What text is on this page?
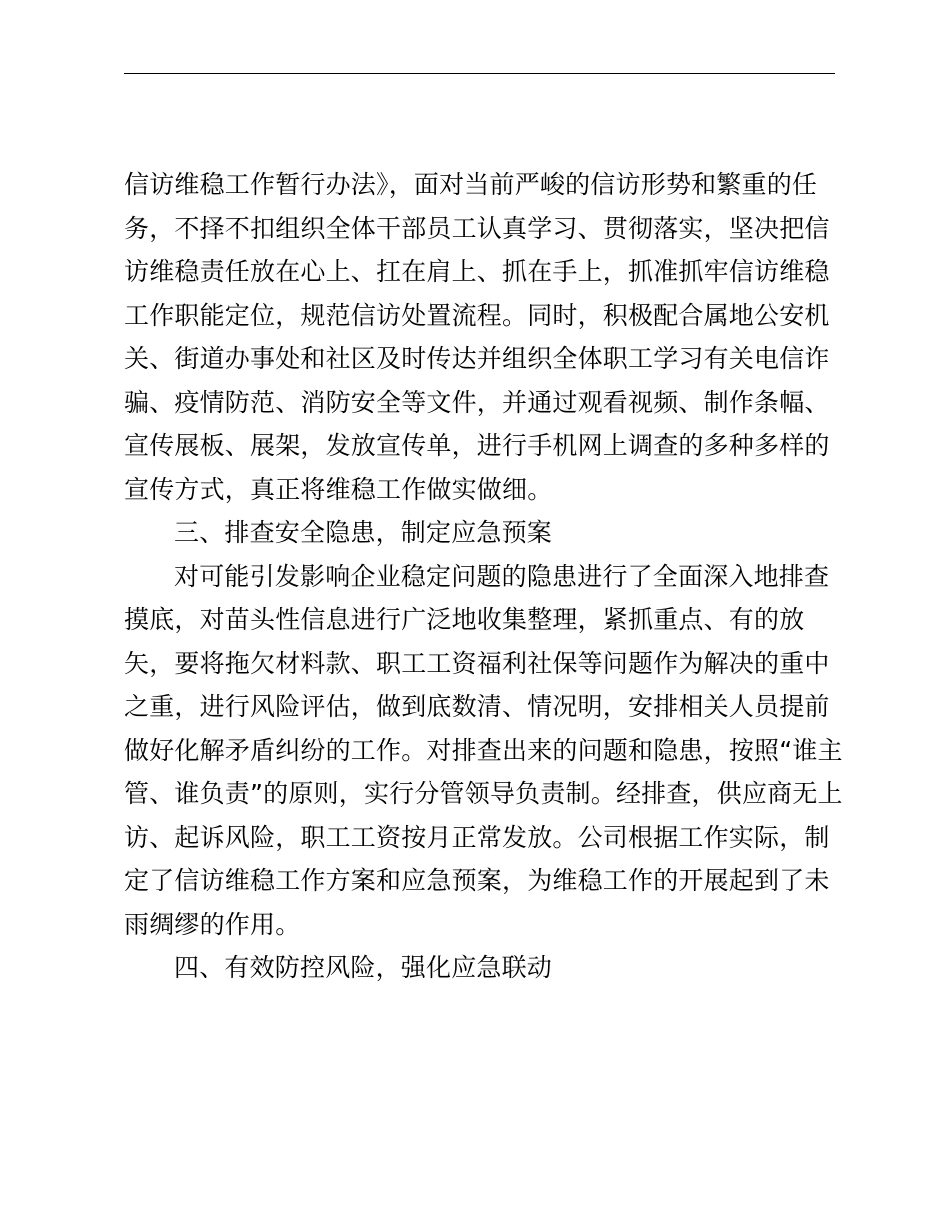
信访维稳工作暂行办法》，面对当前严峻的信访形势和繁重的任
务，不择不扣组织全体干部员工认真学习、贯彻落实，坚决把信
访维稳责任放在心上、扛在肩上、抓在手上，抓准抓牢信访维稳
工作职能定位，规范信访处置流程。同时，积极配合属地公安机
关、街道办事处和社区及时传达并组织全体职工学习有关电信诈
骗、疫情防范、消防安全等文件，并通过观看视频、制作条幅、
宣传展板、展架，发放宣传单，进行手机网上调查的多种多样的
宣传方式，真正将维稳工作做实做细。
三、排查安全隐患，制定应急预案
对可能引发影响企业稳定问题的隐患进行了全面深入地排查
摸底，对苗头性信息进行广泛地收集整理，紧抓重点、有的放
矢，要将拖欠材料款、职工工资福利社保等问题作为解决的重中
之重，进行风险评估，做到底数清、情况明，安排相关人员提前
做好化解矛盾纠纷的工作。对排查出来的问题和隐患，按照“谁主
管、谁负责”的原则，实行分管领导负责制。经排查，供应商无上
访、起诉风险，职工工资按月正常发放。公司根据工作实际，制
定了信访维稳工作方案和应急预案，为维稳工作的开展起到了未
雨绸缪的作用。
四、有效防控风险，强化应急联动
